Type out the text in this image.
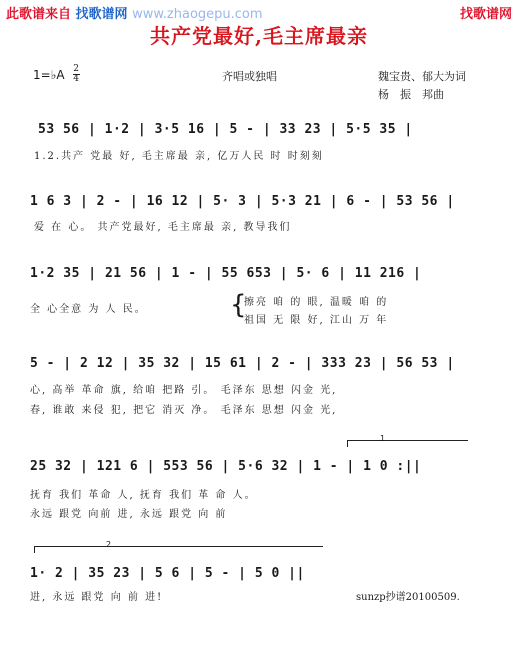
此歌谱来自 找歌谱网 www.zhaogepu.com	找歌谱网
共产党最好,毛主席最亲
1=♭A $\frac{2}{4}$	齐唱或独唱	魏宝贵、郁大为词
杨　振　邦曲
53 56 | 1·2 | 3·5 16 | 5 - | 33 23 | 5·5 35 |
1.2.共产 党最 好, 毛主席最 亲, 亿万人民 时 时刻刻
1 6 3 | 2 - | 16 12 | 5· 3 | 5·3 21 | 6 - | 53 56 |
爱 在 心。 共产党最好, 毛主席最 亲, 教导我们
1·2 35 | 21 56 | 1 - | 55 653 | 5· 6 | 11 216 |
全 心全意 为 人 民。	{
擦亮 咱 的 眼, 温暖 咱 的
祖国 无 限 好, 江山 万 年
5 - | 2 12 | 35 32 | 15 61 | 2 - | 333 23 | 56 53 |
心, 高举 革命 旗, 给咱 把路 引。 毛泽东 思想 闪金 光,
春, 谁敢 来侵 犯, 把它 消灭 净。 毛泽东 思想 闪金 光,
1
25 32 | 121 6 | 553 56 | 5·6 32 | 1 - | 1 0 :||
抚育 我们 革命 人, 抚育 我们 革 命 人。
永远 跟党 向前 进, 永远 跟党 向 前
2
1· 2 | 35 23 | 5 6 | 5 - | 5 0 ||
进, 永远 跟党 向 前 进!	sunzp抄谱20100509.
